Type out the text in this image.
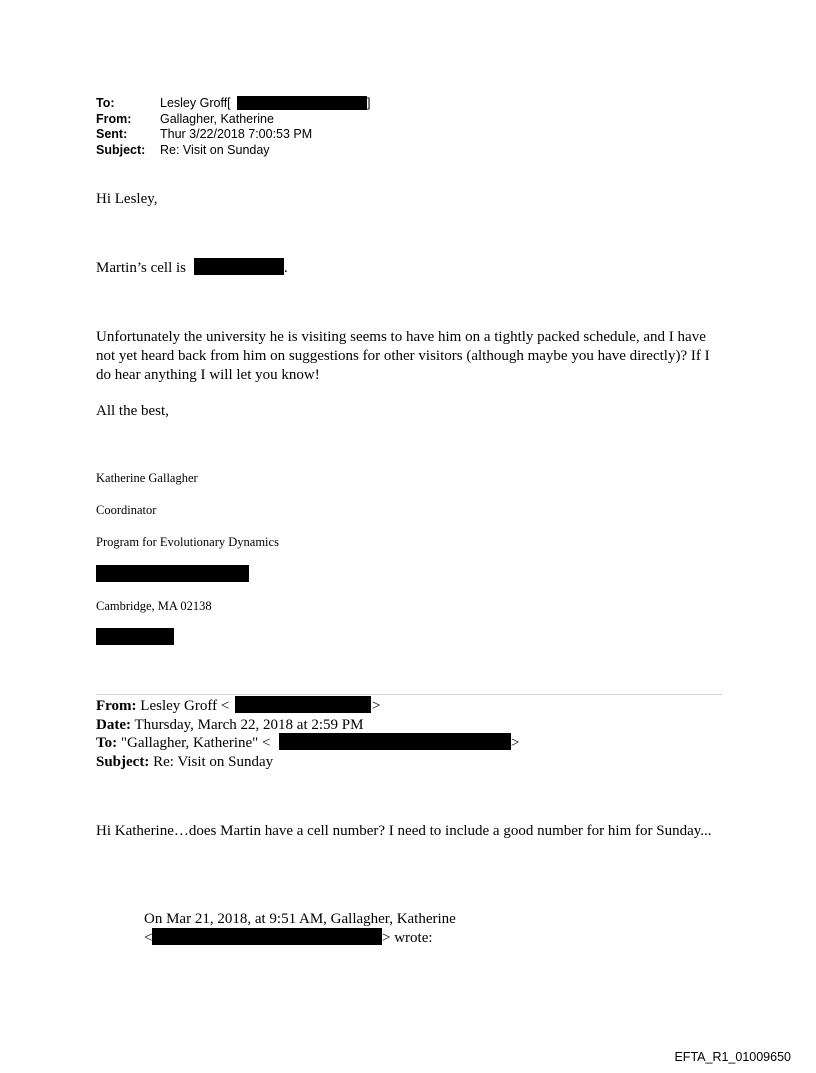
To:	Lesley Groff[	]
From: Gallagher, Katherine
Sent:	Thur 3/22/2018 7:00:53 PM
Subject: Re: Visit on Sunday
Hi Lesley,
Martin’s cell is	.
Unfortunately the university he is visiting seems to have him on a tightly packed schedule, and I have not yet heard back from him on suggestions for other visitors (although maybe you have directly)? If I do hear anything I will let you know!
All the best,
Katherine Gallagher
Coordinator
Program for Evolutionary Dynamics
Cambridge, MA 02138
From: Lesley Groff <	>
Date: Thursday, March 22, 2018 at 2:59 PM
To: "Gallagher, Katherine" <	>
Subject: Re: Visit on Sunday
Hi Katherine…does Martin have a cell number? I need to include a good number for him for Sunday...
On Mar 21, 2018, at 9:51 AM, Gallagher, Katherine
<	> wrote:
EFTA_R1_01009650
